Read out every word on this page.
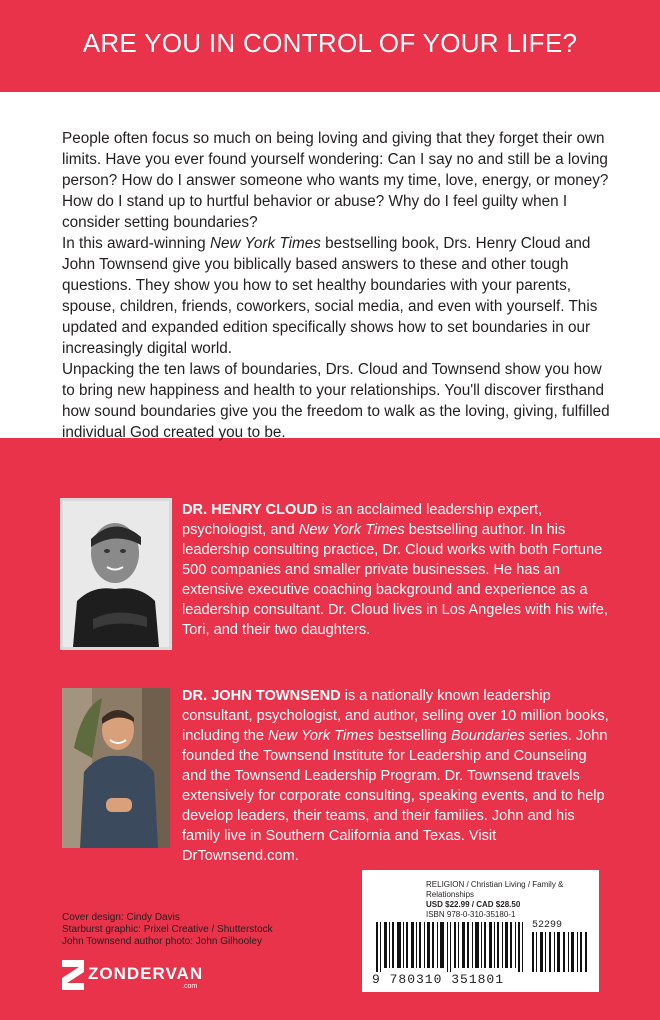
ARE YOU IN CONTROL OF YOUR LIFE?

People often focus so much on being loving and giving that they forget their own limits. Have you ever found yourself wondering: Can I say no and still be a loving person? How do I answer someone who wants my time, love, energy, or money? How do I stand up to hurtful behavior or abuse? Why do I feel guilty when I consider setting boundaries?

In this award-winning New York Times bestselling book, Drs. Henry Cloud and John Townsend give you biblically based answers to these and other tough questions. They show you how to set healthy boundaries with your parents, spouse, children, friends, coworkers, social media, and even with yourself. This updated and expanded edition specifically shows how to set boundaries in our increasingly digital world.

Unpacking the ten laws of boundaries, Drs. Cloud and Townsend show you how to bring new happiness and health to your relationships. You'll discover firsthand how sound boundaries give you the freedom to walk as the loving, giving, fulfilled individual God created you to be.

DR. HENRY CLOUD is an acclaimed leadership expert, psychologist, and New York Times bestselling author. In his leadership consulting practice, Dr. Cloud works with both Fortune 500 companies and smaller private businesses. He has an extensive executive coaching background and experience as a leadership consultant. Dr. Cloud lives in Los Angeles with his wife, Tori, and their two daughters.
DR. JOHN TOWNSEND is a nationally known leadership consultant, psychologist, and author, selling over 10 million books, including the New York Times bestselling Boundaries series. John founded the Townsend Institute for Leadership and Counseling and the Townsend Leadership Program. Dr. Townsend travels extensively for corporate consulting, speaking events, and to help develop leaders, their teams, and their families. John and his family live in Southern California and Texas. Visit DrTownsend.com.
Cover design: Cindy Davis
Starburst graphic: Prixel Creative / Shutterstock
John Townsend author photo: John Gilhooley
ZONDERVAN
.com
RELIGION / Christian Living / Family & Relationships
USD $22.99 / CAD $28.50
ISBN 978-0-310-35180-1
52299
9 780310 351801
